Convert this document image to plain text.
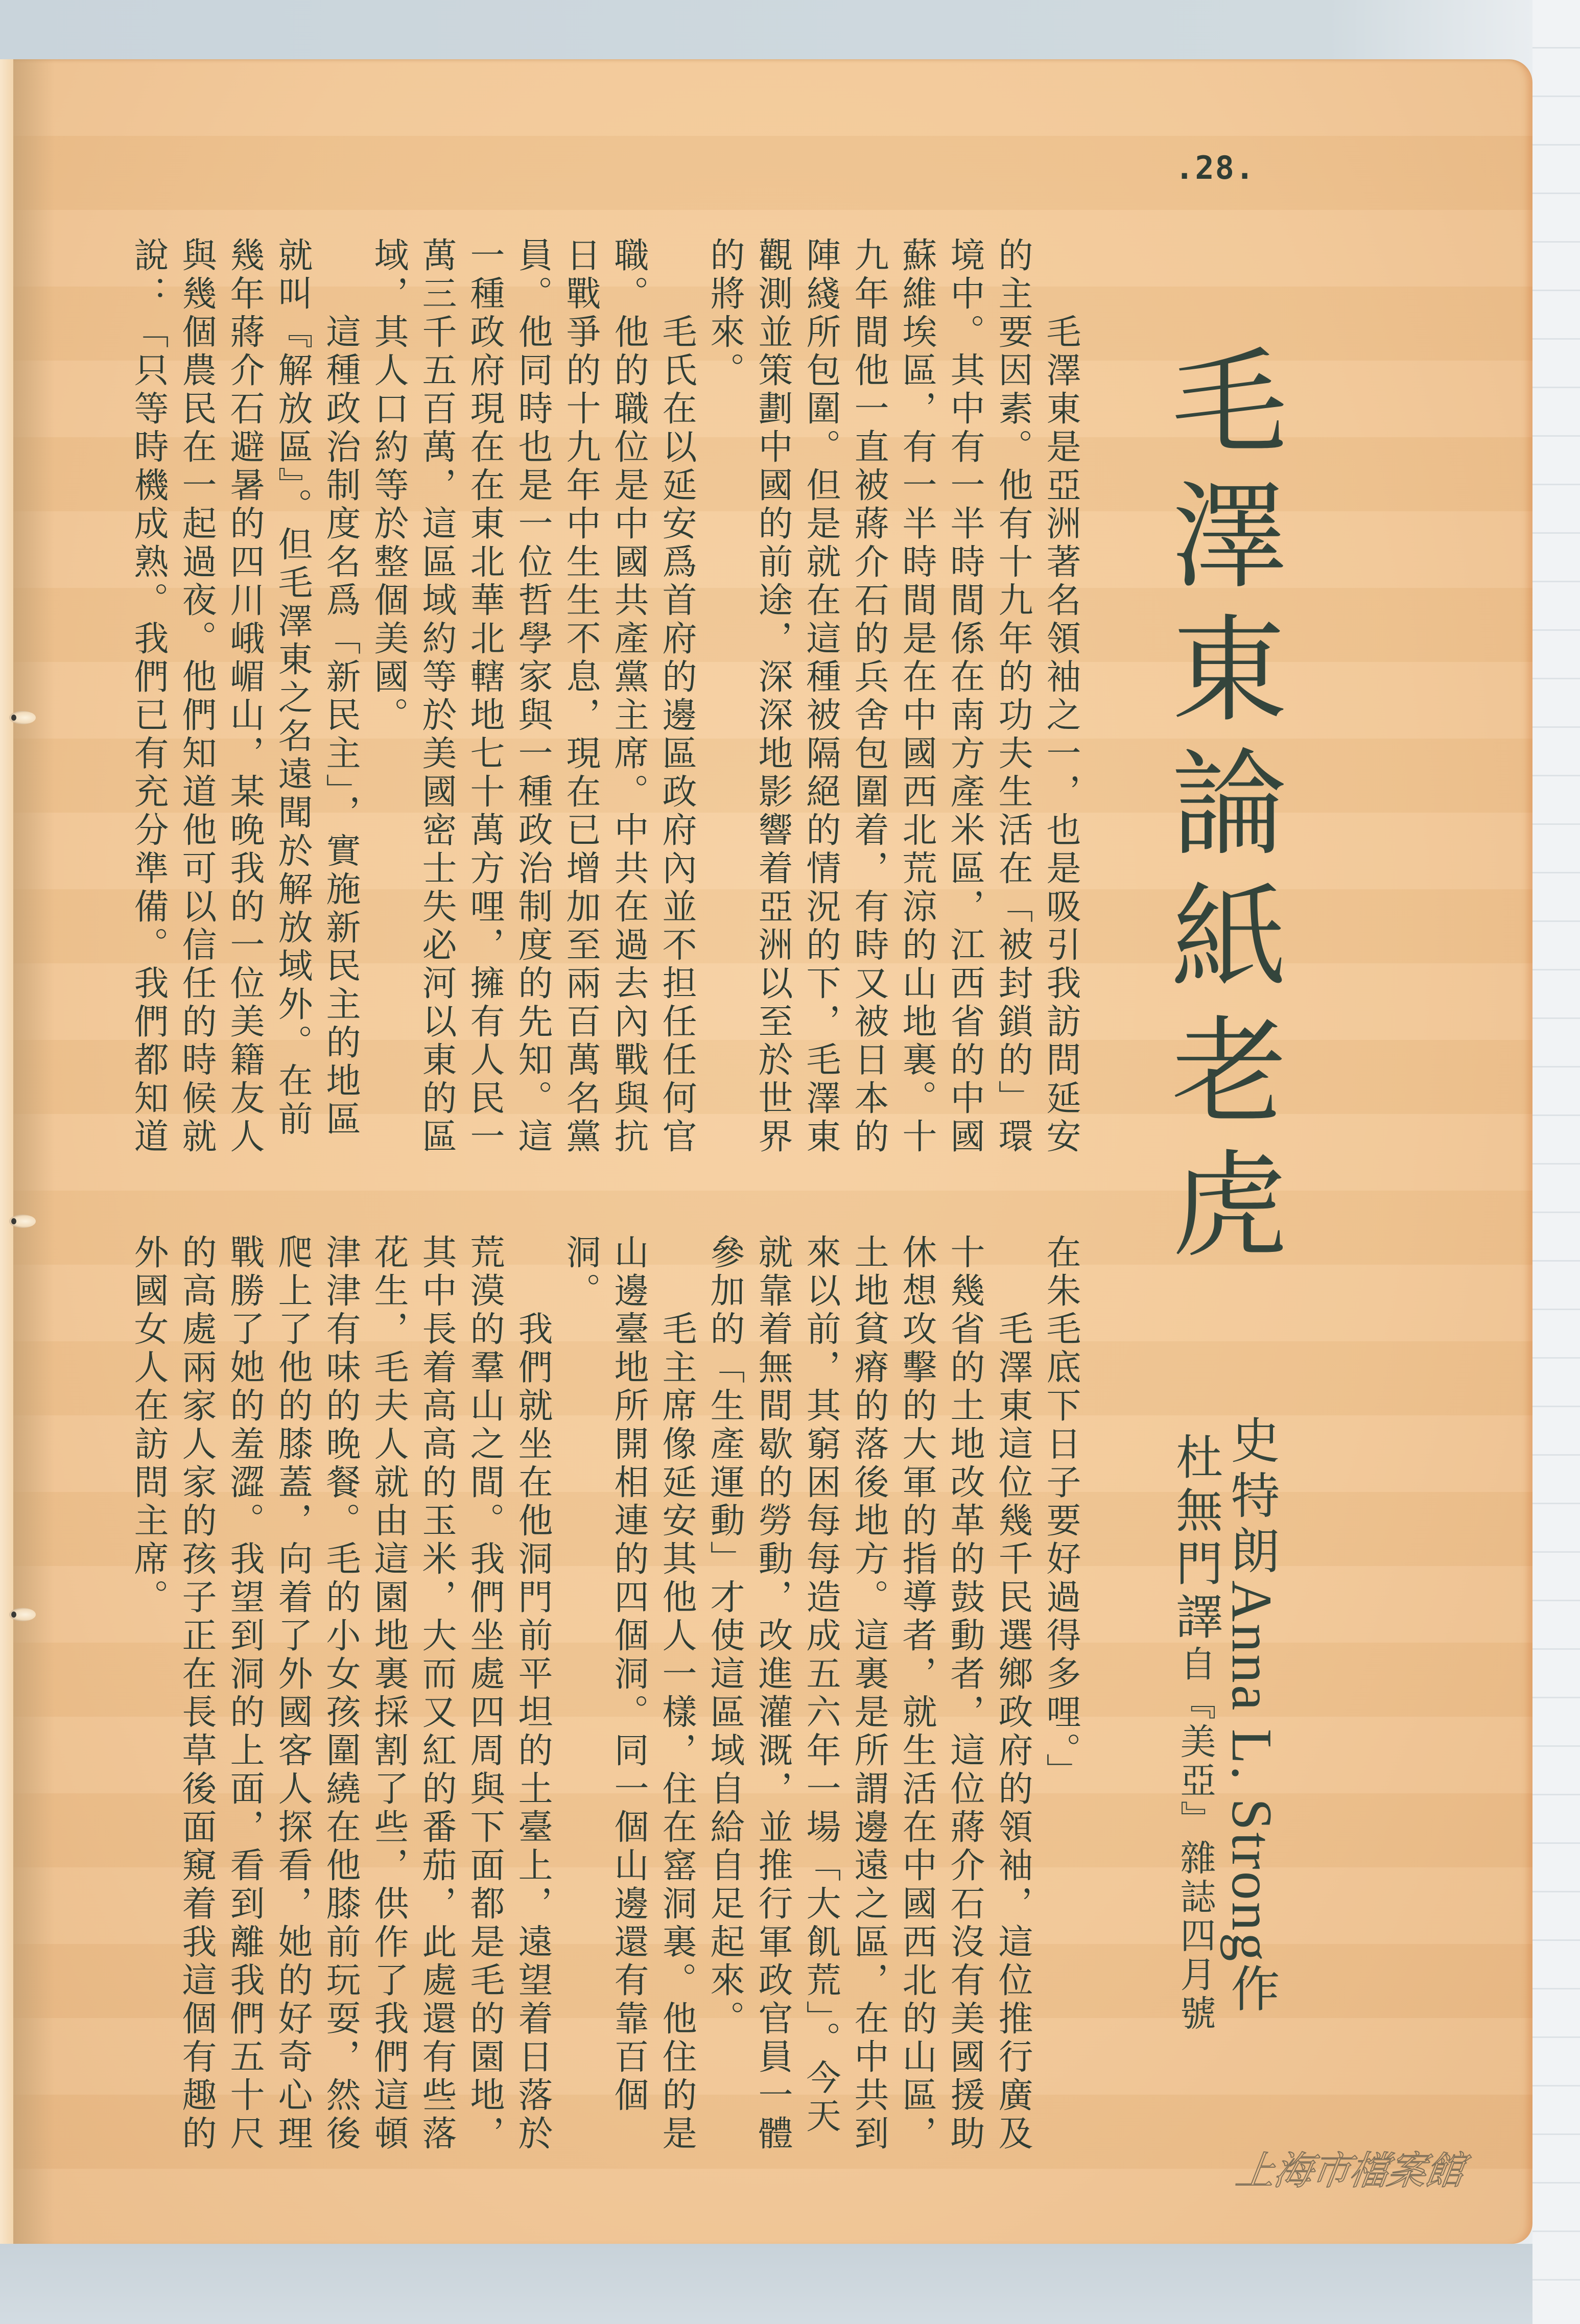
.28.
毛澤東論紙老虎
史特朗Anna L. Strong作
杜無門譯自『美亞』雜誌四月號
毛澤東是亞洲著名領袖之一，也是吸引我訪問延安
的主要因素。他有十九年的功夫生活在「被封鎖的」環
境中。其中有一半時間係在南方產米區，江西省的中國
蘇維埃區，有一半時間是在中國西北荒涼的山地裏。十
九年間他一直被蔣介石的兵舍包圍着，有時又被日本的
陣綫所包圍。但是就在這種被隔絕的情況的下，毛澤東
觀測並策劃中國的前途，深深地影響着亞洲以至於世界
的將來。
毛氏在以延安爲首府的邊區政府內並不担任任何官
職。他的職位是中國共產黨主席。中共在過去內戰與抗
日戰爭的十九年中生生不息，現在已增加至兩百萬名黨
員。他同時也是一位哲學家與一種政治制度的先知。這
一種政府現在在東北華北轄地七十萬方哩，擁有人民一
萬三千五百萬，這區域約等於美國密士失必河以東的區
域，其人口約等於整個美國。
這種政治制度名爲「新民主」，實施新民主的地區
就叫『解放區』。但毛澤東之名遠聞於解放域外。在前
幾年蔣介石避暑的四川峨嵋山，某晚我的一位美籍友人
與幾個農民在一起過夜。他們知道他可以信任的時候就
說：「只等時機成熟。我們已有充分準備。我們都知道
在朱毛底下日子要好過得多哩。」
毛澤東這位幾千民選鄉政府的領袖，這位推行廣及
十幾省的土地改革的鼓動者，這位蔣介石沒有美國援助
休想攻擊的大軍的指導者，就生活在中國西北的山區，
土地貧瘠的落後地方。這裏是所謂邊遠之區，在中共到
來以前，其窮困每每造成五六年一場「大飢荒」。今天
就靠着無間歇的勞動，改進灌溉，並推行軍政官員一體
參加的「生產運動」才使這區域自給自足起來。
毛主席像延安其他人一樣，住在窰洞裏。他住的是
山邊臺地所開相連的四個洞。同一個山邊還有靠百個
洞。
我們就坐在他洞門前平坦的土臺上，遠望着日落於
荒漠的羣山之間。我們坐處四周與下面都是毛的園地，
其中長着高高的玉米，大而又紅的番茄，此處還有些落
花生，毛夫人就由這園地裏採割了些，供作了我們這頓
津津有味的晚餐。毛的小女孩圍繞在他膝前玩耍，然後
爬上了他的膝蓋，向着了外國客人探看，她的好奇心理
戰勝了她的羞澀。我望到洞的上面，看到離我們五十尺
的高處兩家人家的孩子正在長草後面窺着我這個有趣的
外國女人在訪問主席。
上海市檔案館
